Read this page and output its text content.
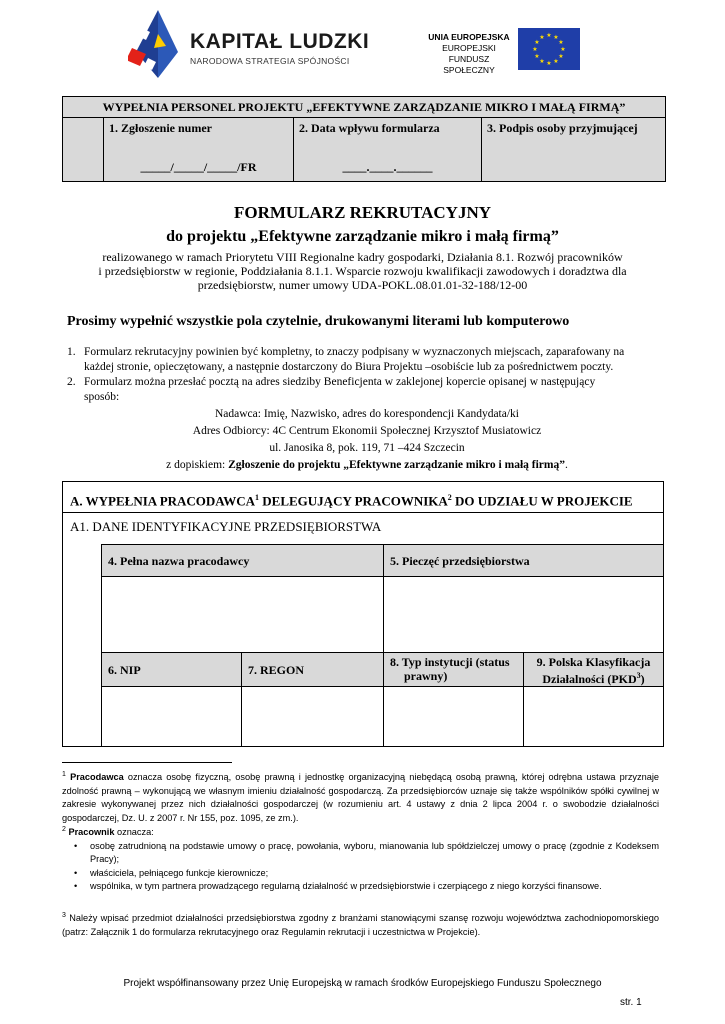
KAPITAŁ LUDZKI
NARODOWA STRATEGIA SPÓJNOŚCI
UNIA EUROPEJSKA
EUROPEJSKI
FUNDUSZ SPOŁECZNY
★ ★
★
★
★
★
★
★
★
★
★
★
WYPEŁNIA PERSONEL PROJEKTU „EFEKTYWNE ZARZĄDZANIE MIKRO I MAŁĄ FIRMĄ”
1. Zgłoszenie numer
_____/_____/_____/FR
2. Data wpływu formularza
____.____.______
3. Podpis osoby przyjmującej
FORMULARZ REKRUTACYJNY
do projektu „Efektywne zarządzanie mikro i małą firmą”
realizowanego w ramach Priorytetu VIII Regionalne kadry gospodarki, Działania 8.1. Rozwój pracowników
i przedsiębiorstw w regionie, Poddziałania 8.1.1. Wsparcie rozwoju kwalifikacji zawodowych i doradztwa dla
przedsiębiorstw, numer umowy UDA-POKL.08.01.01-32-188/12-00
Prosimy wypełnić wszystkie pola czytelnie, drukowanymi literami lub komputerowo
1. Formularz rekrutacyjny powinien być kompletny, to znaczy podpisany w wyznaczonych miejscach, zaparafowany na
każdej stronie, opieczętowany, a następnie dostarczony do Biura Projektu –osobiście lub za pośrednictwem poczty.
2. Formularz można przesłać pocztą na adres siedziby Beneficjenta w zaklejonej kopercie opisanej w następujący
sposób:
Nadawca: Imię, Nazwisko, adres do korespondencji Kandydata/ki
Adres Odbiorcy: 4C Centrum Ekonomii Społecznej Krzysztof Musiatowicz
ul. Janosika 8, pok. 119, 71 –424 Szczecin
z dopiskiem: Zgłoszenie do projektu „Efektywne zarządzanie mikro i małą firmą”.
A. WYPEŁNIA PRACODAWCA$^1$ DELEGUJĄCY PRACOWNIKA$^2$ DO UDZIAŁU W PROJEKCIE
A1. DANE IDENTYFIKACYJNE PRZEDSIĘBIORSTWA
4. Pełna nazwa pracodawcy	5. Pieczęć przedsiębiorstwa
6. NIP	7. REGON
8. Typ instytucji (status
prawny)
9. Polska Klasyfikacja
Działalności (PKD$^3$)
$^1$ Pracodawca oznacza osobę fizyczną, osobę prawną i jednostkę organizacyjną niebędącą osobą prawną, której odrębna ustawa przyznaje zdolność prawną – wykonującą we własnym imieniu działalność gospodarczą. Za przedsiębiorców uznaje się także wspólników spółki cywilnej w zakresie wykonywanej przez nich działalności gospodarczej (w rozumieniu art. 4 ustawy z dnia 2 lipca 2004 r. o swobodzie działalności gospodarczej, Dz. U. z 2007 r. Nr 155, poz. 1095, ze zm.).
$^2$ Pracownik oznacza:
• osobę zatrudnioną na podstawie umowy o pracę, powołania, wyboru, mianowania lub spółdzielczej umowy o pracę (zgodnie z Kodeksem Pracy);
• właściciela, pełniącego funkcje kierownicze;
• wspólnika, w tym partnera prowadzącego regularną działalność w przedsiębiorstwie i czerpiącego z niego korzyści finansowe.
$^3$ Należy wpisać przedmiot działalności przedsiębiorstwa zgodny z branżami stanowiącymi szansę rozwoju województwa zachodniopomorskiego (patrz: Załącznik 1 do formularza rekrutacyjnego oraz Regulamin rekrutacji i uczestnictwa w Projekcie).
Projekt współfinansowany przez Unię Europejską w ramach środków Europejskiego Funduszu Społecznego
str. 1
